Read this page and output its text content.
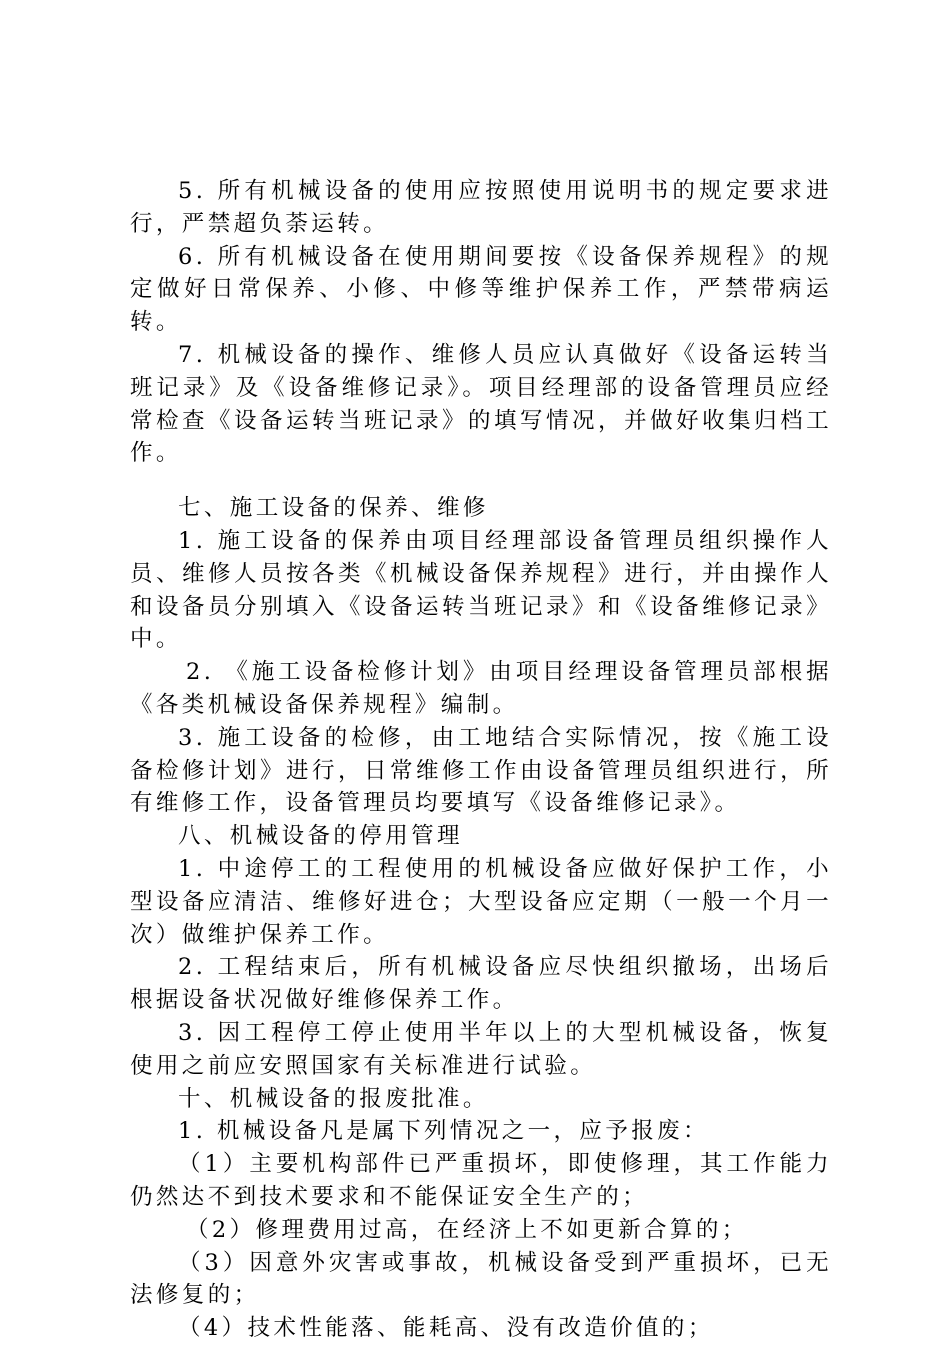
5. 所有机械设备的使用应按照使用说明书的规定要求进行，严禁超负荼运转。

6. 所有机械设备在使用期间要按《设备保养规程》的规定做好日常保养、小修、中修等维护保养工作，严禁带病运转。

7. 机械设备的操作、维修人员应认真做好《设备运转当班记录》及《设备维修记录》。项目经理部的设备管理员应经常检查《设备运转当班记录》的填写情况，并做好收集归档工作。

七、施工设备的保养、维修

1. 施工设备的保养由项目经理部设备管理员组织操作人员、维修人员按各类《机械设备保养规程》进行，并由操作人和设备员分别填入《设备运转当班记录》和《设备维修记录》中。

2. 《施工设备检修计划》由项目经理设备管理员部根据《各类机械设备保养规程》编制。

3. 施工设备的检修，由工地结合实际情况，按《施工设备检修计划》进行，日常维修工作由设备管理员组织进行，所有维修工作，设备管理员均要填写《设备维修记录》。

八、机械设备的停用管理

1. 中途停工的工程使用的机械设备应做好保护工作，小型设备应清洁、维修好进仓；大型设备应定期（一般一个月一次）做维护保养工作。

2. 工程结束后，所有机械设备应尽快组织撤场，出场后根据设备状况做好维修保养工作。

3. 因工程停工停止使用半年以上的大型机械设备，恢复使用之前应安照国家有关标准进行试验。

十、机械设备的报废批准。

1. 机械设备凡是属下列情况之一，应予报废：

（1）主要机构部件已严重损坏，即使修理，其工作能力仍然达不到技术要求和不能保证安全生产的；

（2）修理费用过高，在经济上不如更新合算的；

（3）因意外灾害或事故，机械设备受到严重损坏，已无法修复的；

（4）技术性能落、能耗高、没有改造价值的；
